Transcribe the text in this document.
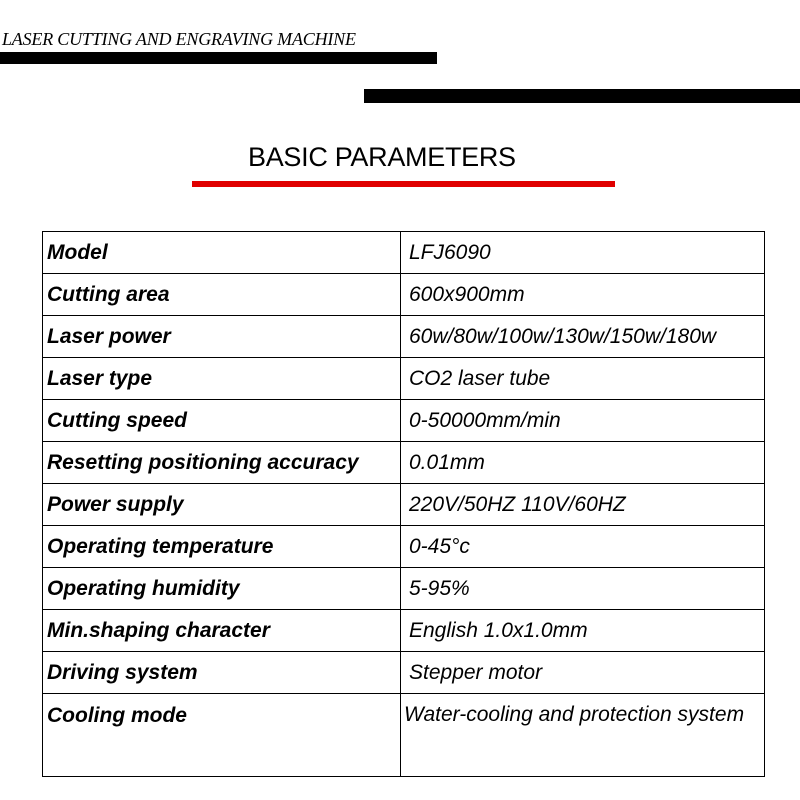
LASER CUTTING AND ENGRAVING MACHINE
BASIC PARAMETERS
Model	LFJ6090
Cutting area	600x900mm
Laser power	60w/80w/100w/130w/150w/180w
Laser type	CO2 laser tube
Cutting speed	0-50000mm/min
Resetting positioning accuracy	0.01mm
Power supply	220V/50HZ 110V/60HZ
Operating temperature	0-45°c
Operating humidity	5-95%
Min.shaping character	English 1.0x1.0mm
Driving system	Stepper motor
Cooling mode	Water-cooling and protection system
